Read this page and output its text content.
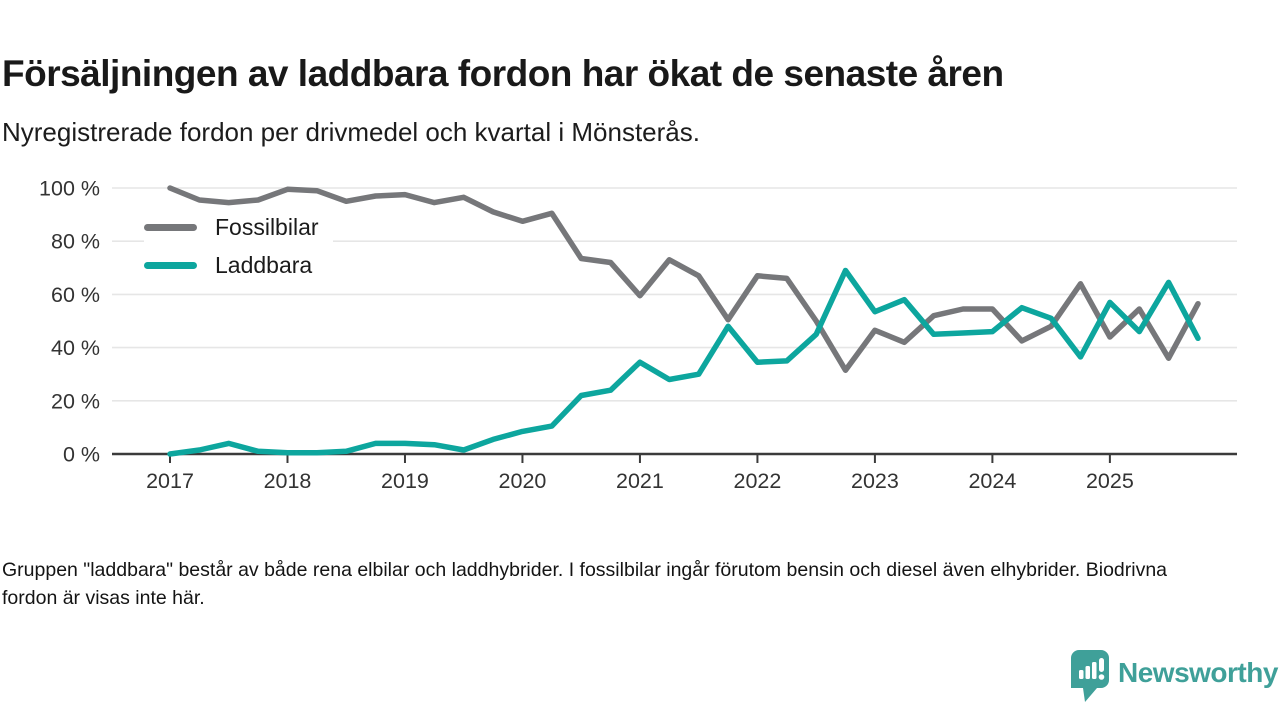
Försäljningen av laddbara fordon har ökat de senaste åren
Nyregistrerade fordon per drivmedel och kvartal i Mönsterås.
0 %
20 %
40 %
60 %
80 %
100 %
2017	2018	2019	2020	2021	2022	2023	2024	2025
Fossilbilar
Laddbara
Gruppen "laddbara" består av både rena elbilar och laddhybrider. I fossilbilar ingår förutom bensin och diesel även elhybrider. Biodrivna fordon är visas inte här.
Newsworthy
